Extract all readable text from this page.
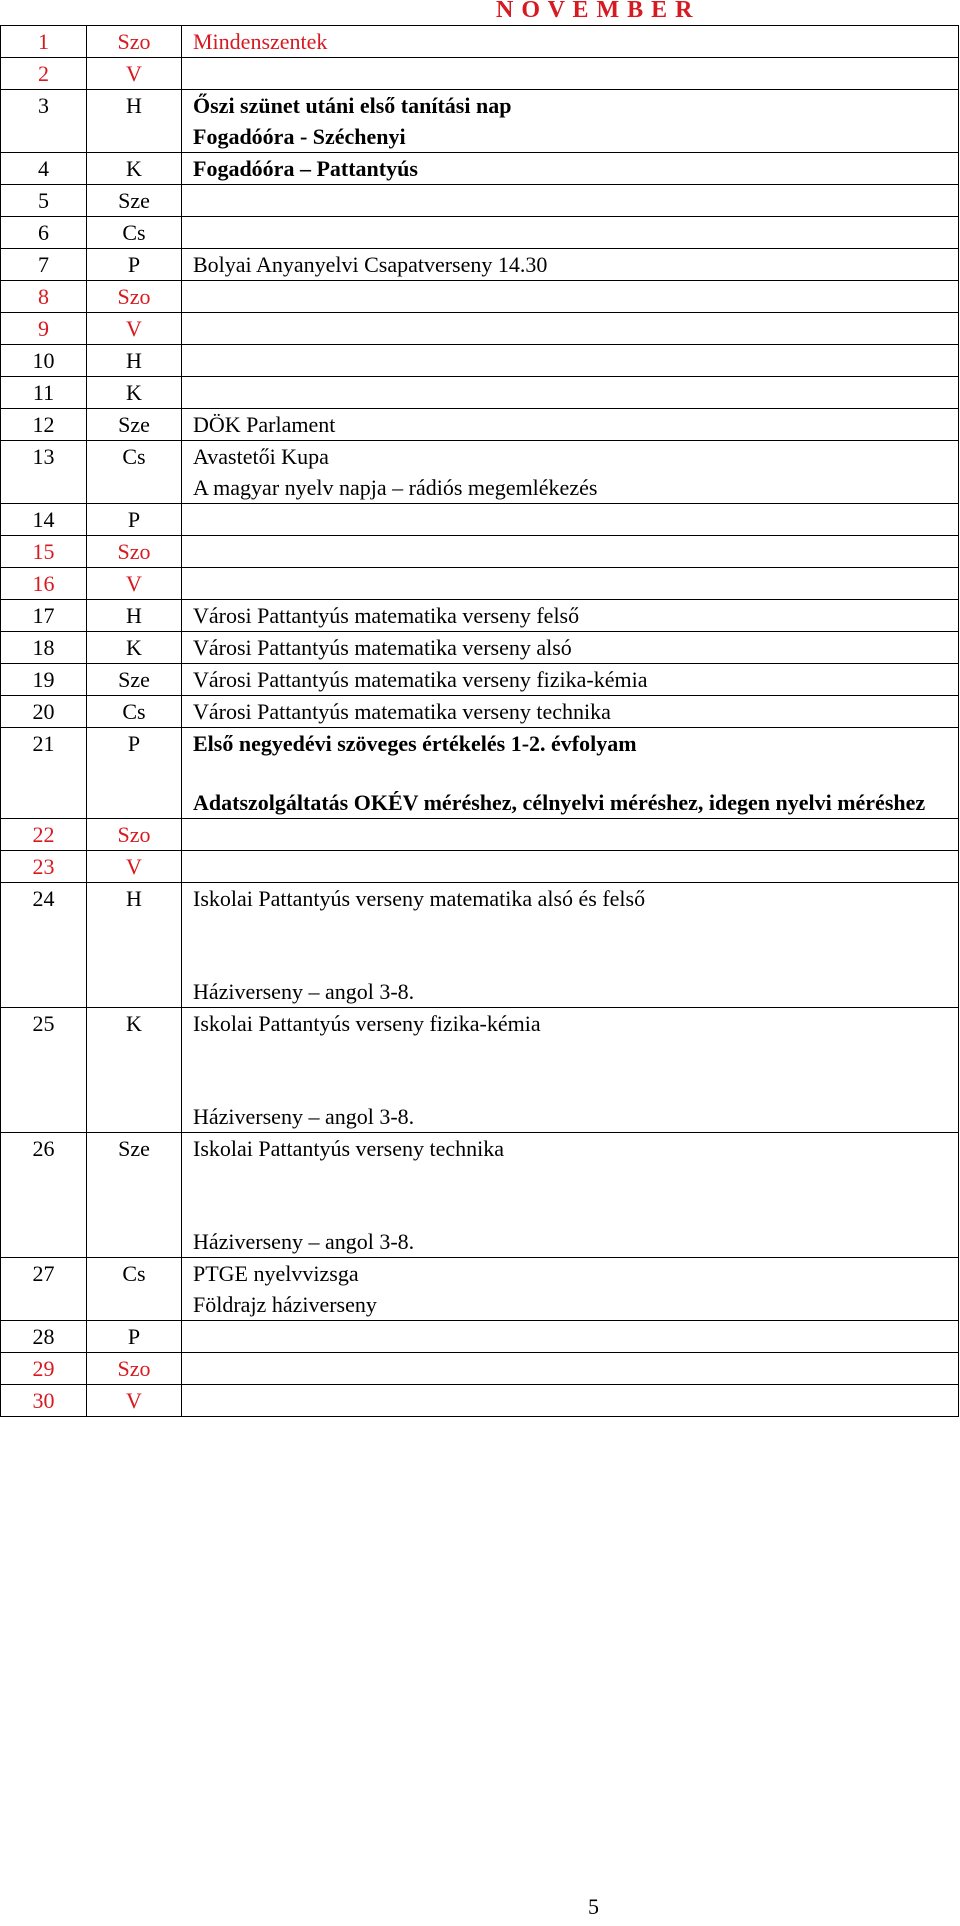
N O V E M B E R
1	Szo	Mindenszentek

2	V	

3	H	Őszi szünet utáni első tanítási nap
Fogadóóra - Széchenyi

4	K	Fogadóóra – Pattantyús

5	Sze	

6	Cs	

7	P	Bolyai Anyanyelvi Csapatverseny 14.30

8	Szo	

9	V	

10	H	

11	K	

12	Sze	DÖK Parlament

13	Cs	Avastetői Kupa
A magyar nyelv napja – rádiós megemlékezés

14	P	

15	Szo	

16	V	

17	H	Városi Pattantyús matematika verseny felső

18	K	Városi Pattantyús matematika verseny alsó

19	Sze	Városi Pattantyús matematika verseny fizika-kémia

20	Cs	Városi Pattantyús matematika verseny technika

21	P	Első negyedévi szöveges értékelés 1-2. évfolyam
Adatszolgáltatás OKÉV méréshez, célnyelvi méréshez, idegen nyelvi méréshez

22	Szo	

23	V	

24	H	Iskolai Pattantyús verseny matematika alsó és felső
Háziverseny – angol 3-8.

25	K	Iskolai Pattantyús verseny fizika-kémia
Háziverseny – angol 3-8.

26	Sze	Iskolai Pattantyús verseny technika
Háziverseny – angol 3-8.

27	Cs	PTGE nyelvvizsga
Földrajz háziverseny

28	P	

29	Szo	

30	V	

5
